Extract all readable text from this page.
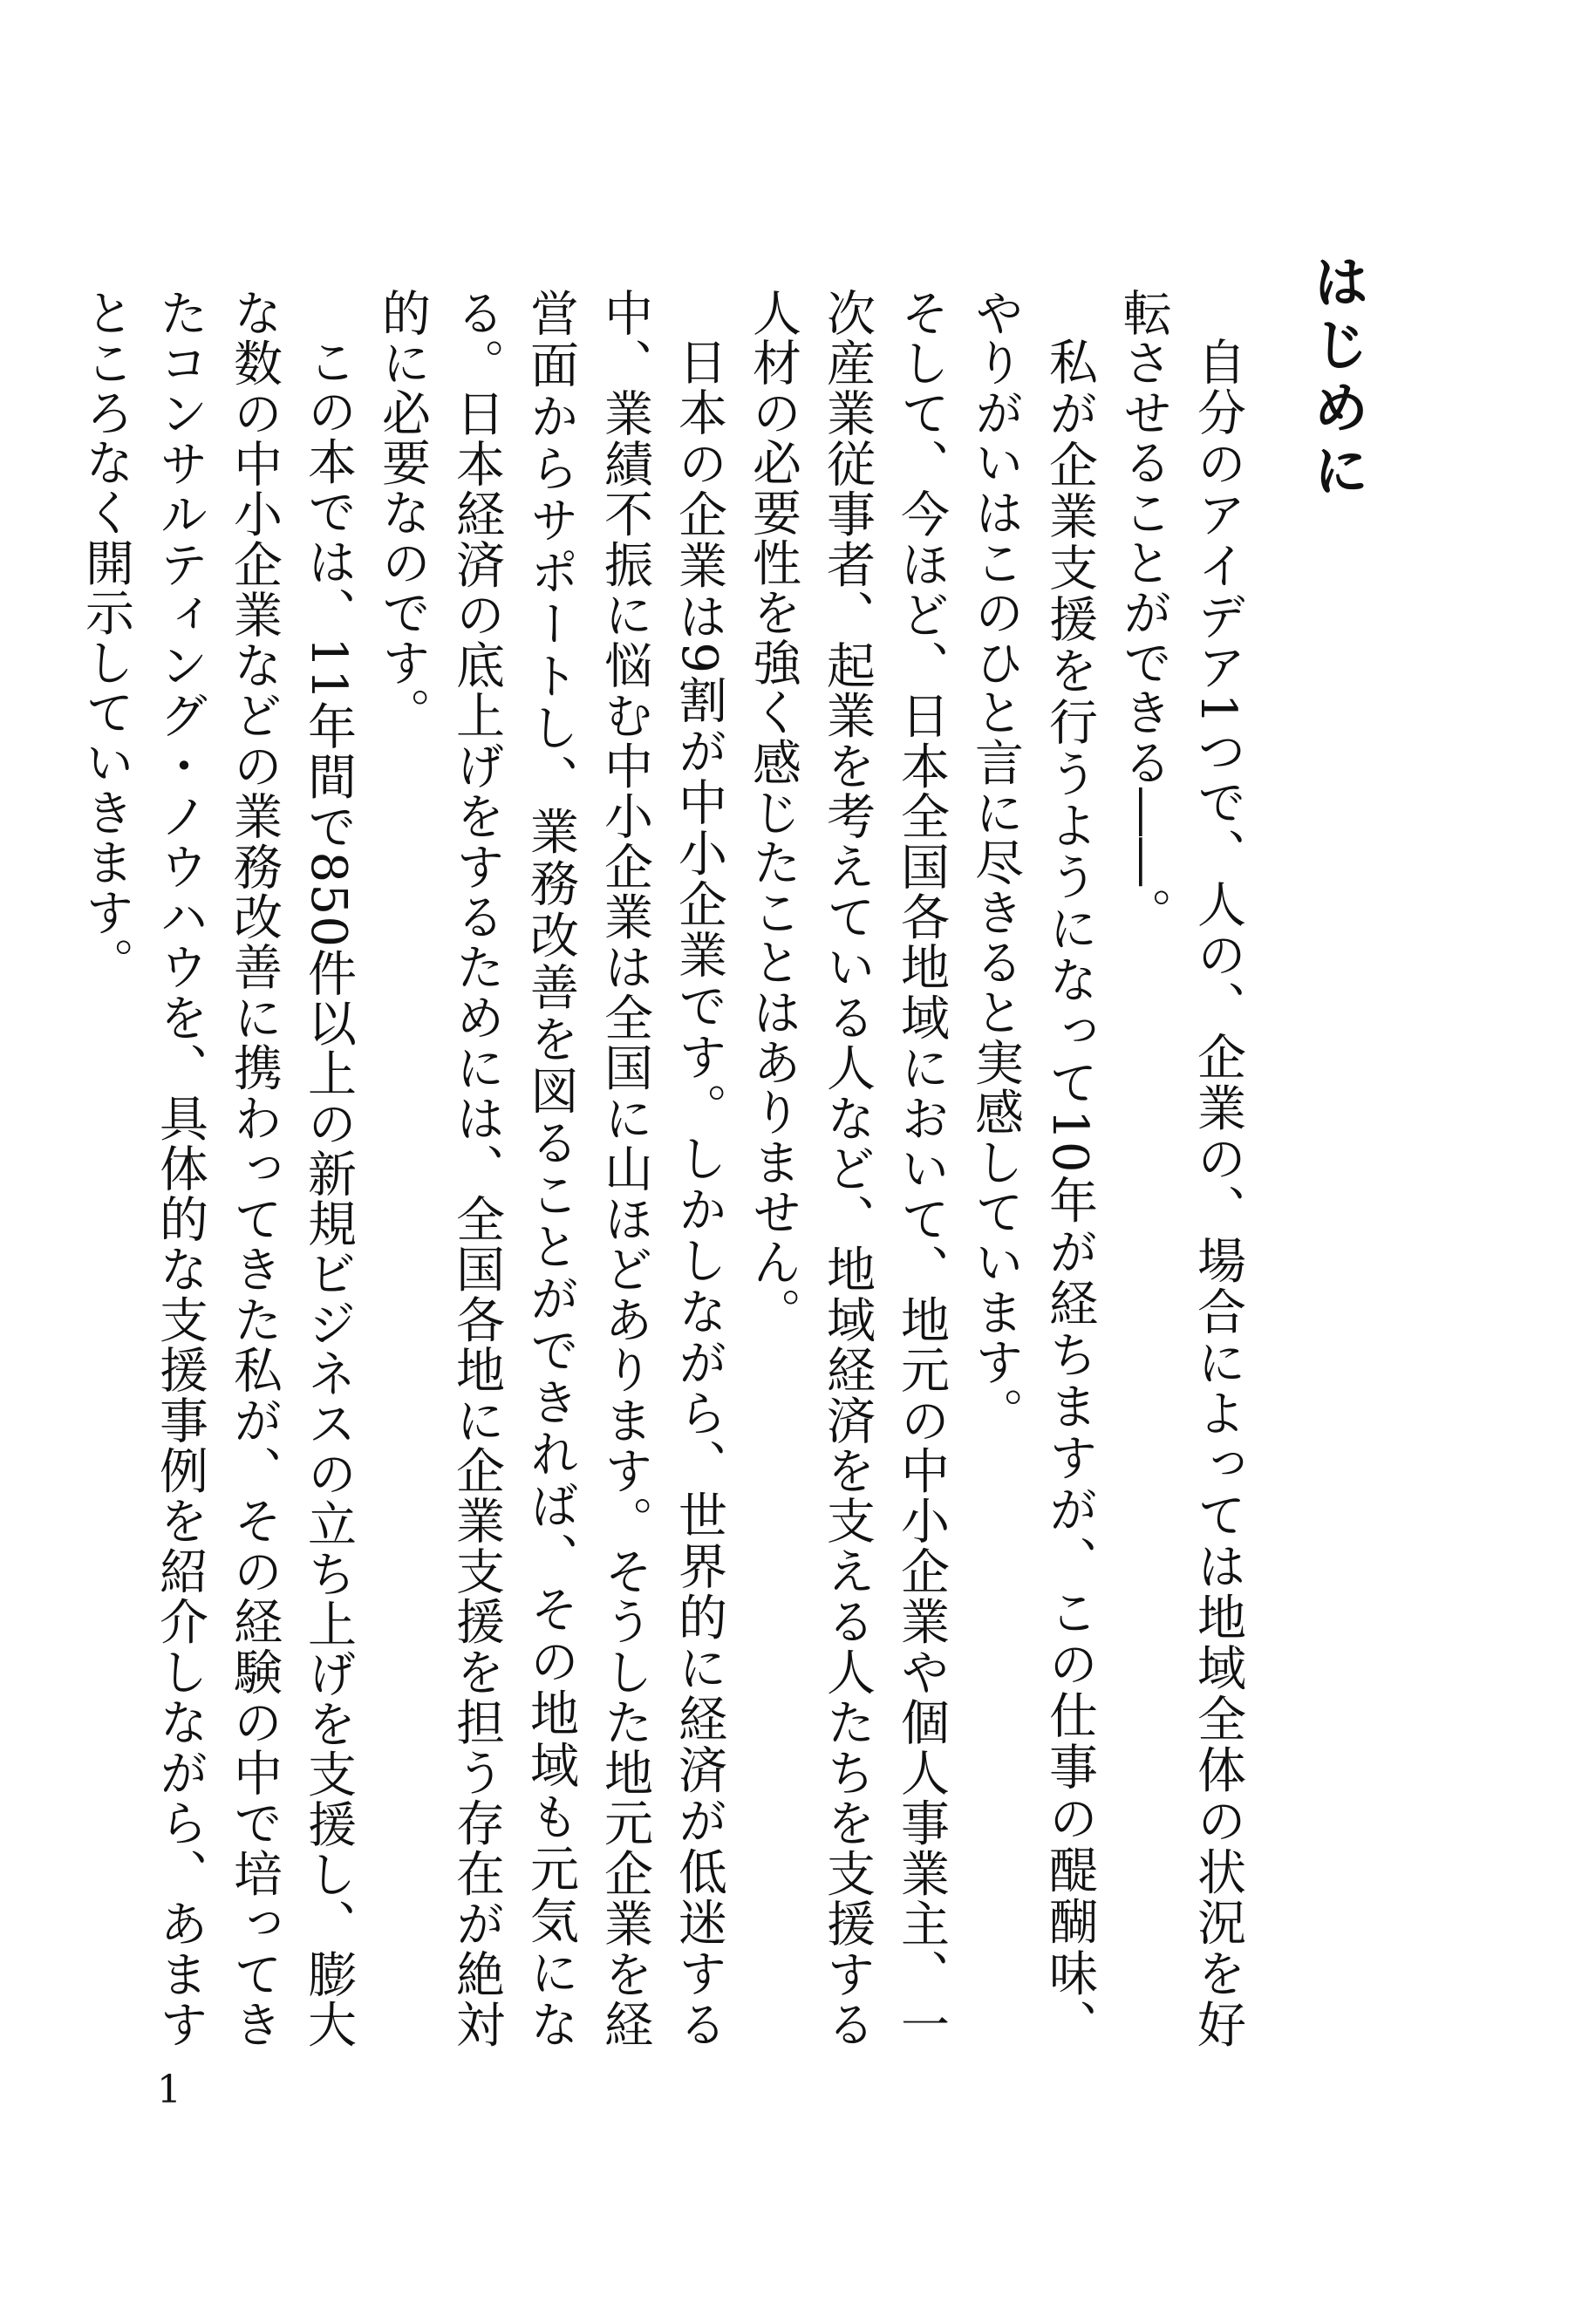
はじめに

自分のアイデア1つで、人の、企業の、場合によっては地域全体の状況を好転させることができる――。

私が企業支援を行うようになって10年が経ちますが、この仕事の醍醐味、やりがいはこのひと言に尽きると実感しています。

そして、今ほど、日本全国各地域において、地元の中小企業や個人事業主、一次産業従事者、起業を考えている人など、地域経済を支える人たちを支援する人材の必要性を強く感じたことはありません。

日本の企業は9割が中小企業です。しかしながら、世界的に経済が低迷する中、業績不振に悩む中小企業は全国に山ほどあります。そうした地元企業を経営面からサポートし、業務改善を図ることができれば、その地域も元気になる。日本経済の底上げをするためには、全国各地に企業支援を担う存在が絶対的に必要なのです。

この本では、11年間で850件以上の新規ビジネスの立ち上げを支援し、膨大な数の中小企業などの業務改善に携わってきた私が、その経験の中で培ってきたコンサルティング・ノウハウを、具体的な支援事例を紹介しながら、あますところなく開示していきます。

1
